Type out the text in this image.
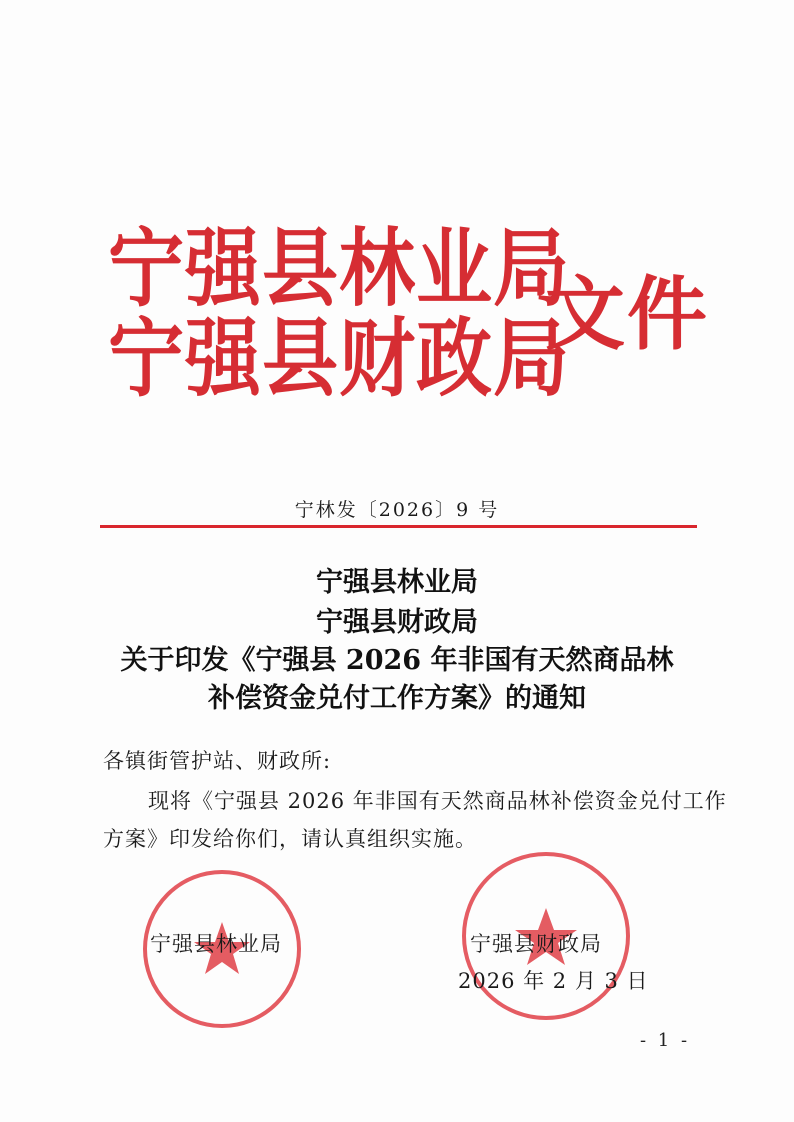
宁强县林业局
宁强县财政局
文件
宁林发〔2026〕9 号
宁强县林业局
宁强县财政局
关于印发《宁强县 2026 年非国有天然商品林
补偿资金兑付工作方案》的通知
各镇街管护站、财政所:
现将《宁强县 2026 年非国有天然商品林补偿资金兑付工作
方案》印发给你们，请认真组织实施。
宁强县林业局	宁强县财政局
2026 年 2 月 3 日
- 1 -
